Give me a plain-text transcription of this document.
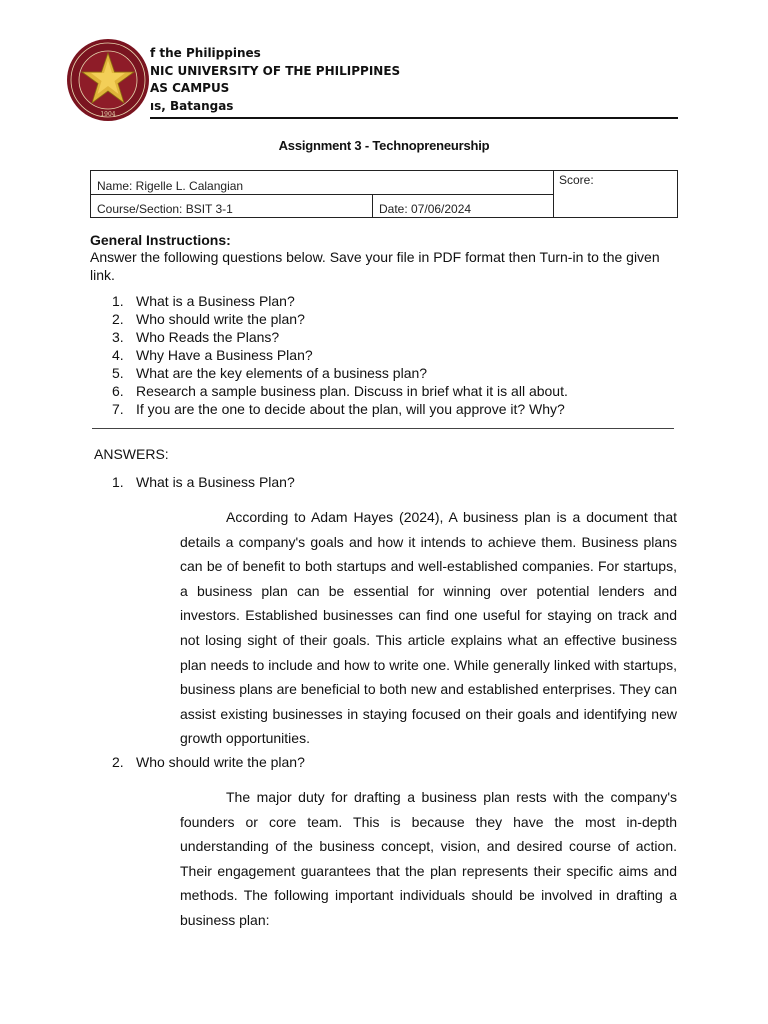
1904
f the Philippines
NIC UNIVERSITY OF THE PHILIPPINES
AS CAMPUS
ıs, Batangas
Assignment 3 - Technopreneurship
Name: Rigelle L. Calangian
Course/Section: BSIT 3-1	Date: 07/06/2024
Score:
General Instructions:
Answer the following questions below. Save your file in PDF format then Turn-in to the given link.
1. What is a Business Plan?
2. Who should write the plan?
3. Who Reads the Plans?
4. Why Have a Business Plan?
5. What are the key elements of a business plan?
6. Research a sample business plan. Discuss in brief what it is all about.
7. If you are the one to decide about the plan, will you approve it? Why?
ANSWERS:
1. What is a Business Plan?
According to Adam Hayes (2024), A business plan is a document that details a company's goals and how it intends to achieve them. Business plans can be of benefit to both startups and well-established companies. For startups, a business plan can be essential for winning over potential lenders and investors. Established businesses can find one useful for staying on track and not losing sight of their goals. This article explains what an effective business plan needs to include and how to write one. While generally linked with startups, business plans are beneficial to both new and established enterprises. They can assist existing businesses in staying focused on their goals and identifying new growth opportunities.
2. Who should write the plan?
The major duty for drafting a business plan rests with the company's founders or core team. This is because they have the most in-depth understanding of the business concept, vision, and desired course of action. Their engagement guarantees that the plan represents their specific aims and methods. The following important individuals should be involved in drafting a business plan:
